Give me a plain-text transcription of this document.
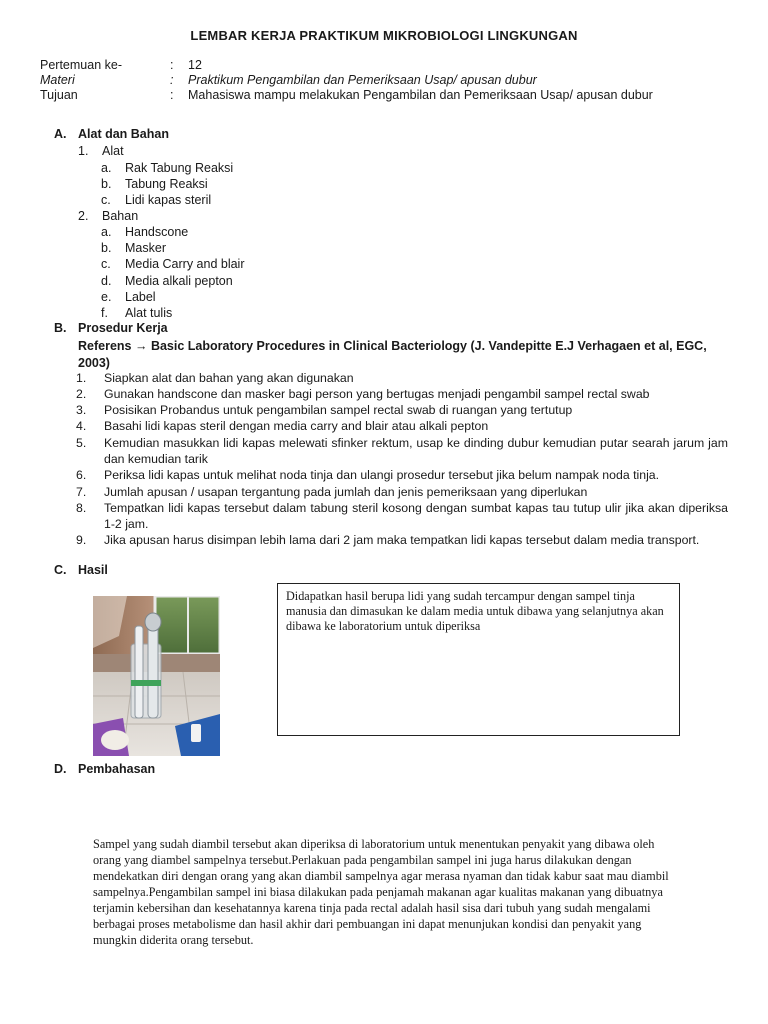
LEMBAR KERJA PRAKTIKUM MIKROBIOLOGI LINGKUNGAN
Pertemuan ke-	: 12
Materi	: Praktikum Pengambilan dan Pemeriksaan Usap/ apusan dubur
Tujuan	: Mahasiswa mampu melakukan Pengambilan dan Pemeriksaan Usap/ apusan dubur
A. Alat dan Bahan
1. Alat
a. Rak Tabung Reaksi
b. Tabung Reaksi
c. Lidi kapas steril
2. Bahan
a. Handscone
b. Masker
c. Media Carry and blair
d. Media alkali pepton
e. Label
f. Alat tulis
B. Prosedur Kerja
Referens → Basic Laboratory Procedures in Clinical Bacteriology (J. Vandepitte E.J Verhagaen et al, EGC, 2003)
1. Siapkan alat dan bahan yang akan digunakan
2. Gunakan handscone dan masker bagi person yang bertugas menjadi pengambil sampel rectal swab
3. Posisikan Probandus untuk pengambilan sampel rectal swab di ruangan yang tertutup
4. Basahi lidi kapas steril dengan media carry and blair atau alkali pepton
5. Kemudian masukkan lidi kapas melewati sfinker rektum, usap ke dinding dubur kemudian putar searah jarum jam dan kemudian tarik
6. Periksa lidi kapas untuk melihat noda tinja dan ulangi prosedur tersebut jika belum nampak noda tinja.
7. Jumlah apusan / usapan tergantung pada jumlah dan jenis pemeriksaan yang diperlukan
8. Tempatkan lidi kapas tersebut dalam tabung steril kosong dengan sumbat kapas tau tutup ulir jika akan diperiksa 1-2 jam.
9. Jika apusan harus disimpan lebih lama dari 2 jam maka tempatkan lidi kapas tersebut dalam media transport.
C. Hasil
Didapatkan hasil berupa lidi yang sudah tercampur dengan sampel tinja manusia dan dimasukan ke dalam media untuk dibawa yang selanjutnya akan dibawa ke laboratorium untuk diperiksa
D. Pembahasan
Sampel yang sudah diambil tersebut akan diperiksa di laboratorium untuk menentukan penyakit yang dibawa oleh orang yang diambel sampelnya tersebut.Perlakuan pada pengambilan sampel ini juga harus dilakukan dengan mendekatkan diri dengan orang yang akan diambil sampelnya agar merasa nyaman dan tidak kabur saat mau diambil sampelnya.Pengambilan sampel ini biasa dilakukan pada penjamah makanan agar kualitas makanan yang dibuatnya terjamin kebersihan dan kesehatannya karena tinja pada rectal adalah hasil sisa dari tubuh yang sudah mengalami berbagai proses metabolisme dan hasil akhir dari pembuangan ini dapat menunjukan kondisi dan penyakit yang mungkin diderita orang tersebut.
